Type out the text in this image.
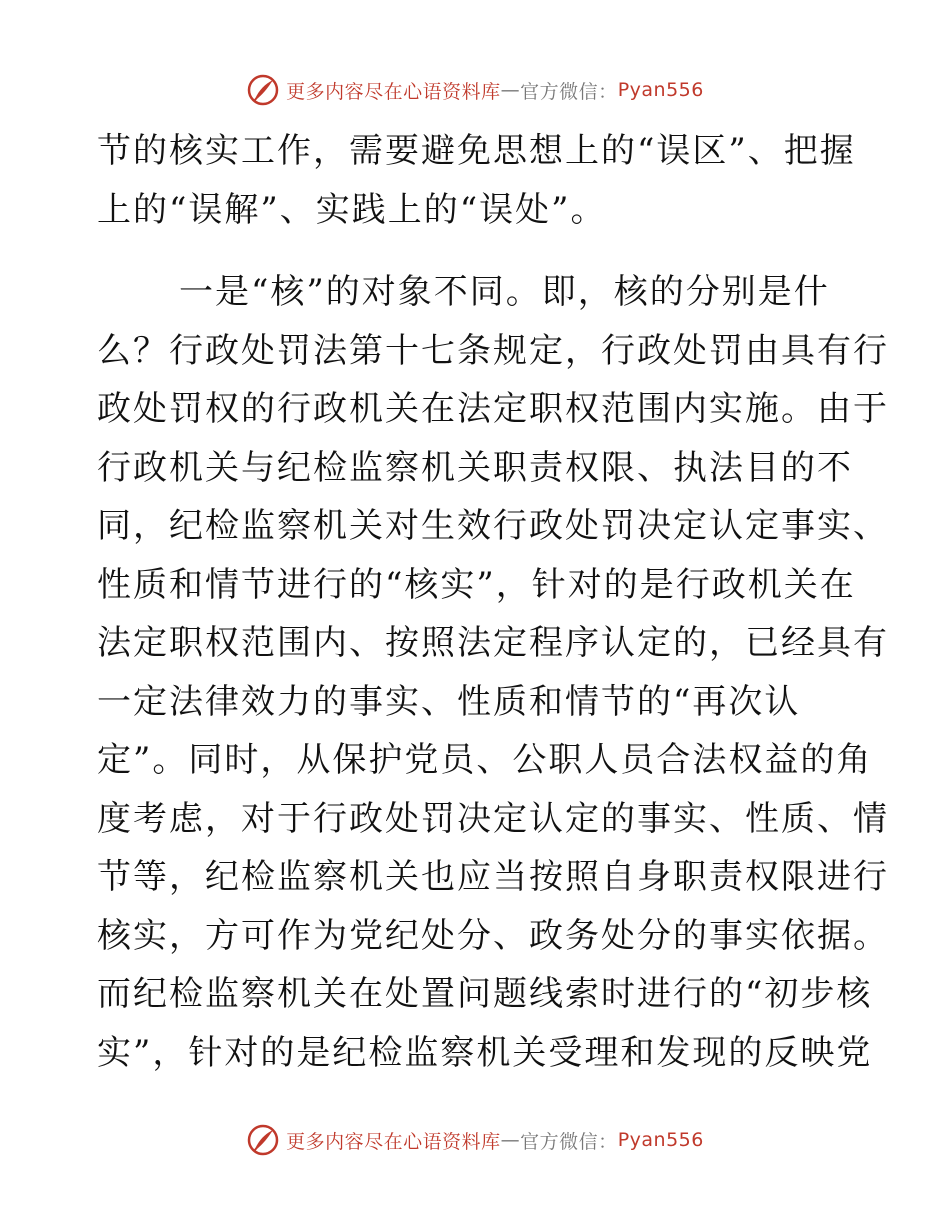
更多内容尽在心语资料库 — 官方微信： Pyan556
节的核实工作，需要避免思想上的“误区”、把握
上的“误解”、实践上的“误处”。
一是“核”的对象不同。即，核的分别是什
么？行政处罚法第十七条规定，行政处罚由具有行
政处罚权的行政机关在法定职权范围内实施。由于
行政机关与纪检监察机关职责权限、执法目的不
同，纪检监察机关对生效行政处罚决定认定事实、
性质和情节进行的“核实”，针对的是行政机关在
法定职权范围内、按照法定程序认定的，已经具有
一定法律效力的事实、性质和情节的“再次认
定”。同时，从保护党员、公职人员合法权益的角
度考虑，对于行政处罚决定认定的事实、性质、情
节等，纪检监察机关也应当按照自身职责权限进行
核实，方可作为党纪处分、政务处分的事实依据。
而纪检监察机关在处置问题线索时进行的“初步核
实”，针对的是纪检监察机关受理和发现的反映党
更多内容尽在心语资料库 — 官方微信： Pyan556
